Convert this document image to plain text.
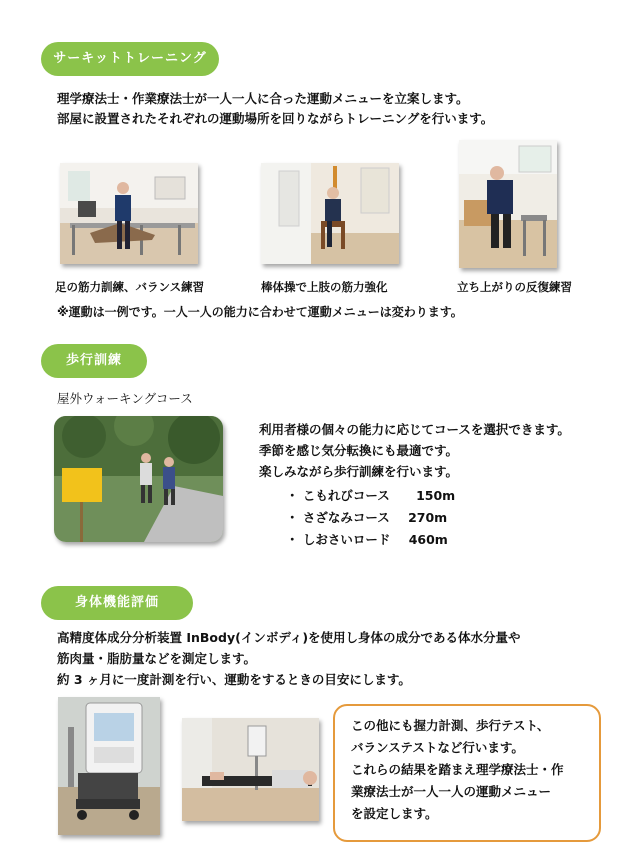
サーキットトレーニング
理学療法士・作業療法士が一人一人に合った運動メニューを立案します。
部屋に設置されたそれぞれの運動場所を回りながらトレーニングを行います。
足の筋力訓練、バランス練習	棒体操で上肢の筋力強化	立ち上がりの反復練習
※運動は一例です。一人一人の能力に合わせて運動メニューは変わります。
歩行訓練
屋外ウォーキングコース
利用者様の個々の能力に応じてコースを選択できます。
季節を感じ気分転換にも最適です。
楽しみながら歩行訓練を行います。
・ こもれびコース 150m
・ さざなみコース 270m
・ しおさいロード 460m
身体機能評価
高精度体成分分析装置 InBody(インボディ)を使用し身体の成分である体水分量や
筋肉量・脂肪量などを測定します。
約 3 ヶ月に一度計測を行い、運動をするときの目安にします。
この他にも握力計測、歩行テスト、
バランステストなど行います。
これらの結果を踏まえ理学療法士・作
業療法士が一人一人の運動メニュー
を設定します。
